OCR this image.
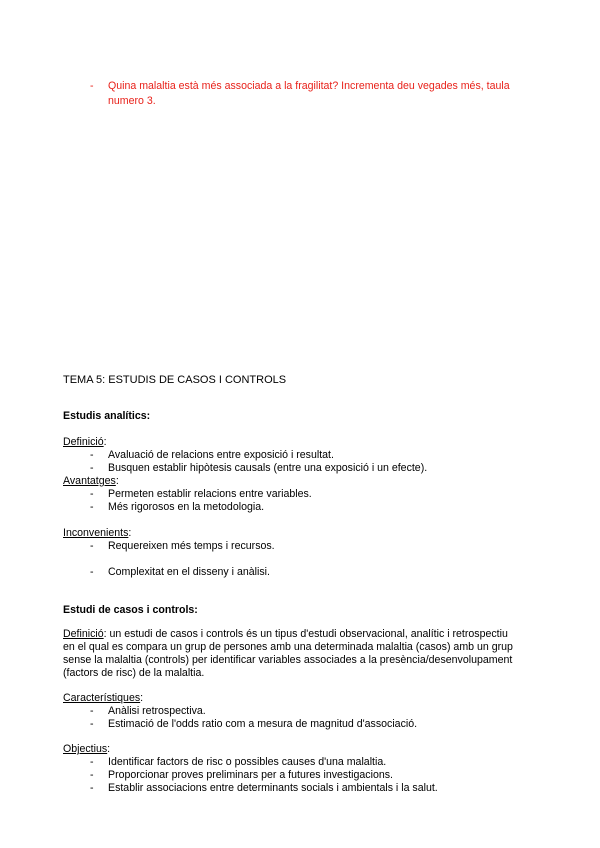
- Quina malaltia està més associada a la fragilitat? Incrementa deu vegades més, taula
numero 3.
TEMA 5: ESTUDIS DE CASOS I CONTROLS
Estudis analítics:
Definició:
- Avaluació de relacions entre exposició i resultat.
- Busquen establir hipòtesis causals (entre una exposició i un efecte).
Avantatges:
- Permeten establir relacions entre variables.
- Més rigorosos en la metodologia.
Inconvenients:
- Requereixen més temps i recursos.
- Complexitat en el disseny i anàlisi.
Estudi de casos i controls:
Definició: un estudi de casos i controls és un tipus d'estudi observacional, analític i retrospectiu
en el qual es compara un grup de persones amb una determinada malaltia (casos) amb un grup
sense la malaltia (controls) per identificar variables associades a la presència/desenvolupament
(factors de risc) de la malaltia.
Característiques:
- Anàlisi retrospectiva.
- Estimació de l'odds ratio com a mesura de magnitud d'associació.
Objectius:
- Identificar factors de risc o possibles causes d'una malaltia.
- Proporcionar proves preliminars per a futures investigacions.
- Establir associacions entre determinants socials i ambientals i la salut.
